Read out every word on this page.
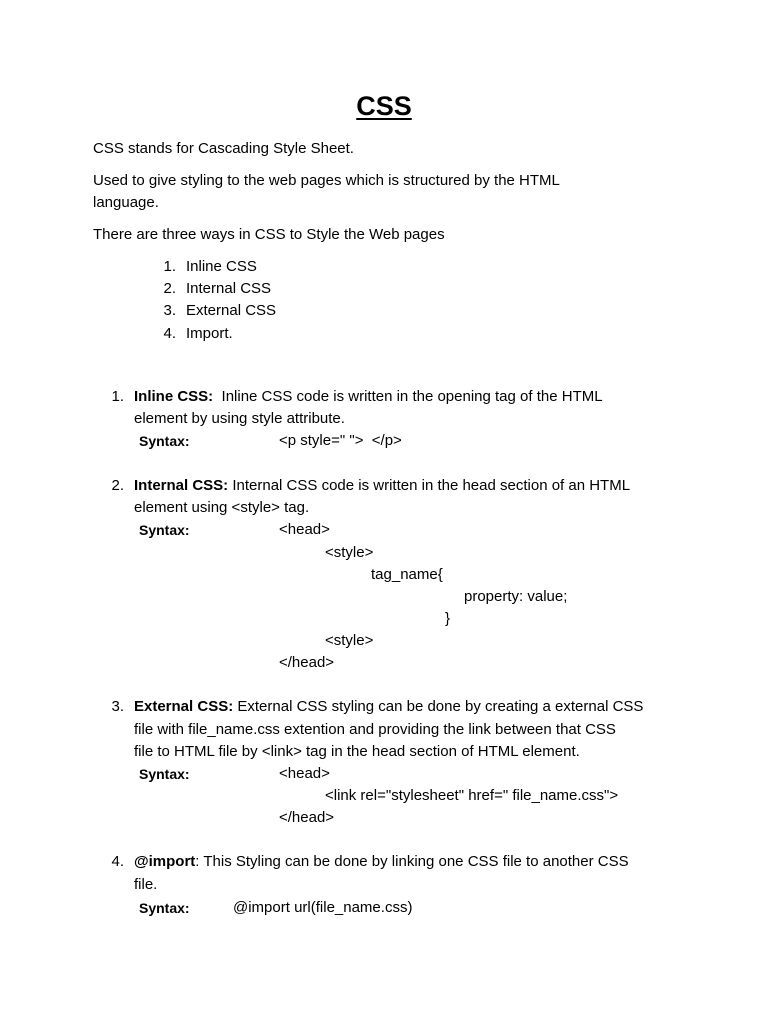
CSS
CSS stands for Cascading Style Sheet.
Used to give styling to the web pages which is structured by the HTML
language.
There are three ways in CSS to Style the Web pages
1. Inline CSS
2. Internal CSS
3. External CSS
4. Import.
1. Inline CSS:  Inline CSS code is written in the opening tag of the HTML
element by using style attribute.
Syntax:	<p style=" ">  </p>
2. Internal CSS: Internal CSS code is written in the head section of an HTML
element using <style> tag.
Syntax:	<head>
<style>
tag_name{
property: value;
}
<style>
</head>
3. External CSS: External CSS styling can be done by creating a external CSS
file with file_name.css extention and providing the link between that CSS
file to HTML file by <link> tag in the head section of HTML element.
Syntax:	<head>
<link rel="stylesheet" href=" file_name.css">
</head>
4. @import: This Styling can be done by linking one CSS file to another CSS
file.
Syntax:	@import url(file_name.css)
